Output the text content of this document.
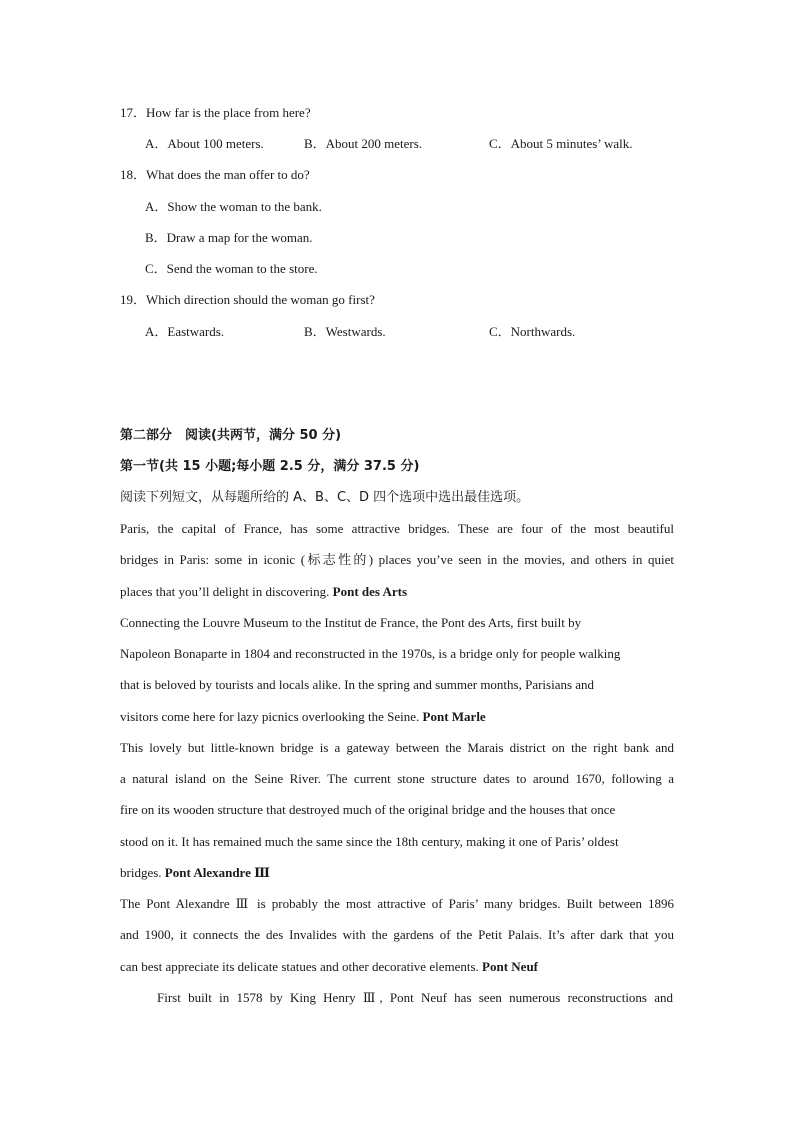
17．How far is the place from here?
A．About 100 meters.	B．About 200 meters.	C．About 5 minutes’ walk.
18．What does the man offer to do?
A．Show the woman to the bank.
B．Draw a map for the woman.
C．Send the woman to the store.
19．Which direction should the woman go first?
A．Eastwards.	B．Westwards.	C．Northwards.
第二部分　阅读(共两节，满分 50 分)
第一节(共 15 小题;每小题 2.5 分，满分 37.5 分)
阅读下列短文，从每题所给的 A、B、C、D 四个选项中选出最佳选项。
Paris, the capital of France, has some attractive bridges. These are four of the most beautiful
bridges in Paris: some in iconic (标志性的) places you’ve seen in the movies, and others in quiet
places that you’ll delight in discovering. Pont des Arts
Connecting the Louvre Museum to the Institut de France, the Pont des Arts, first built by
Napoleon Bonaparte in 1804 and reconstructed in the 1970s, is a bridge only for people walking
that is beloved by tourists and locals alike. In the spring and summer months, Parisians and
visitors come here for lazy picnics overlooking the Seine. Pont Marle
This lovely but little-known bridge is a gateway between the Marais district on the right bank and
a natural island on the Seine River. The current stone structure dates to around 1670, following a
fire on its wooden structure that destroyed much of the original bridge and the houses that once
stood on it. It has remained much the same since the 18th century, making it one of Paris’ oldest
bridges. Pont Alexandre Ⅲ
The Pont Alexandre Ⅲ is probably the most attractive of Paris’ many bridges. Built between 1896
and 1900, it connects the des Invalides with the gardens of the Petit Palais. It’s after dark that you
can best appreciate its delicate statues and other decorative elements. Pont Neuf
First built in 1578 by King Henry Ⅲ, Pont Neuf has seen numerous reconstructions and
